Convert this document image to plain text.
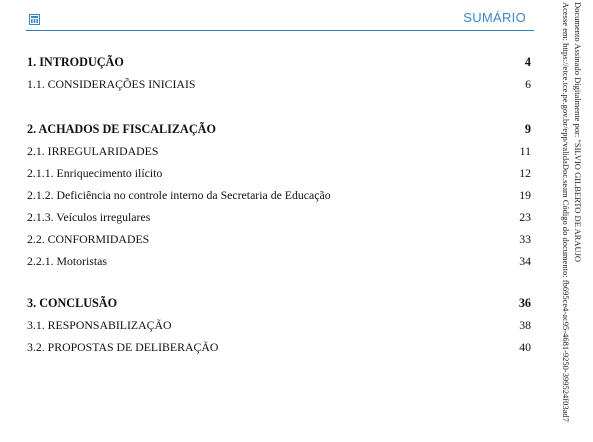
SUMÁRIO
1. INTRODUÇÃO	4
1.1. CONSIDERAÇÕES INICIAIS	6
2. ACHADOS DE FISCALIZAÇÃO	9
2.1. IRREGULARIDADES	11
2.1.1. Enriquecimento ilícito	12
2.1.2. Deficiência no controle interno da Secretaria de Educação	19
2.1.3. Veículos irregulares	23
2.2. CONFORMIDADES	33
2.2.1. Motoristas	34
3. CONCLUSÃO	36
3.1. RESPONSABILIZAÇÃO	38
3.2. PROPOSTAS DE DELIBERAÇÃO	40
Documento Assinado Digitalmente por: "SILVIO GILBERTO DE ARAUJO
Acesse em: https://etce.tce.pe.gov.br/epp/validaDoc.seam Código do documento: fb695ce4-ac95-4681-9250-399524f03ad7
